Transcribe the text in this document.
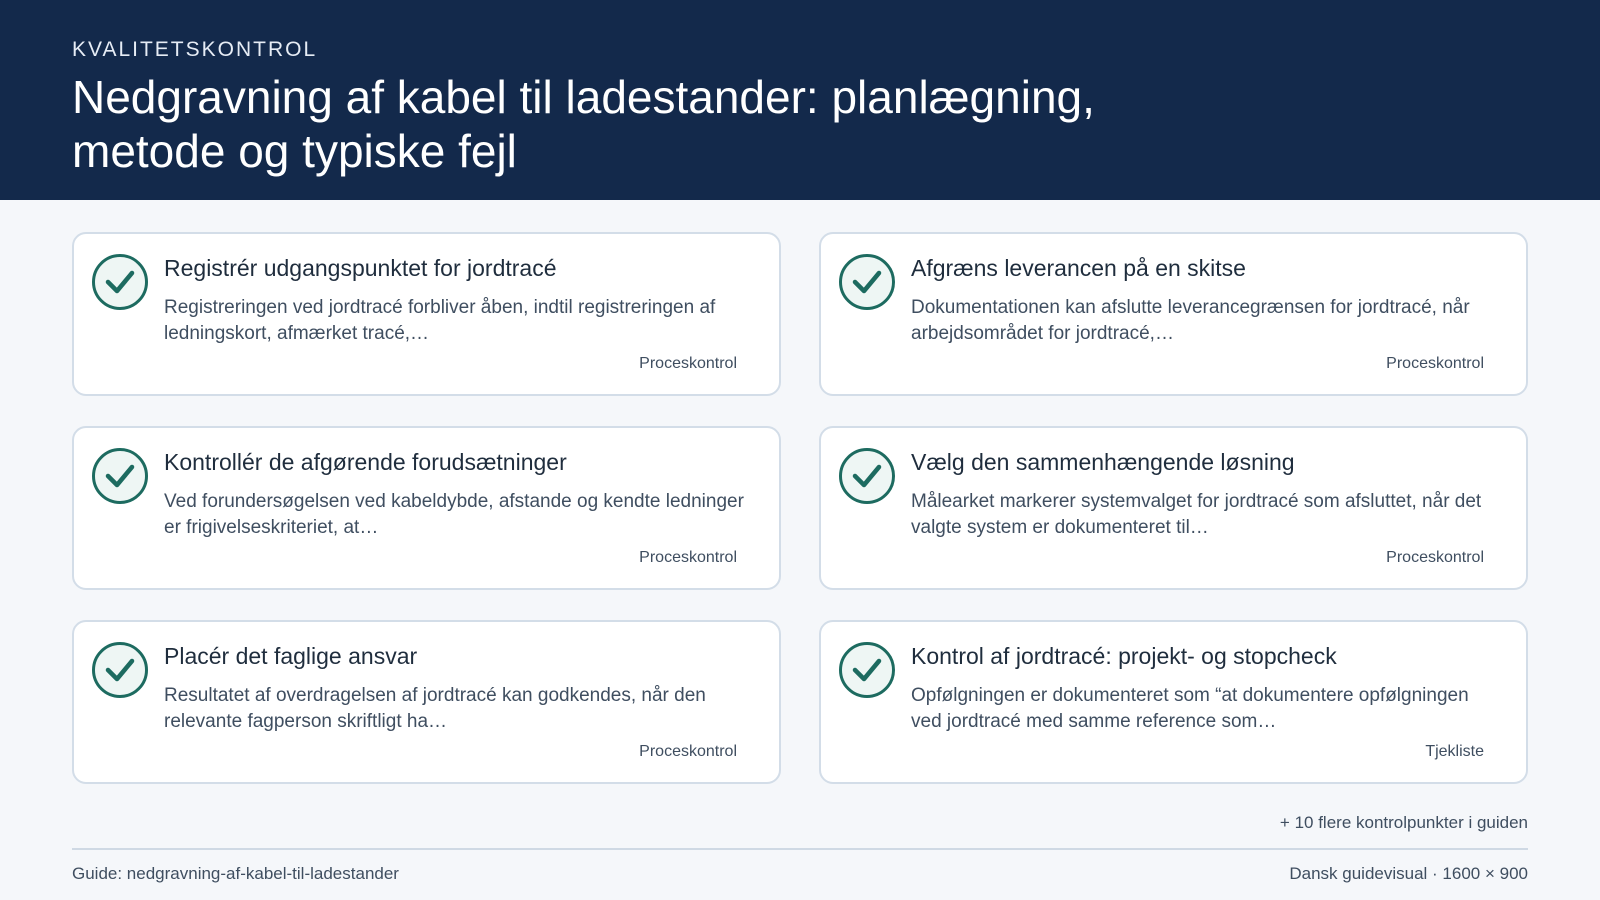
KVALITETSKONTROL
Nedgravning af kabel til ladestander: planlægning, metode og typiske fejl
Registrér udgangspunktet for jordtracé
Registreringen ved jordtracé forbliver åben, indtil registreringen af ledningskort, afmærket tracé,…
Proceskontrol
Afgræns leverancen på en skitse
Dokumentationen kan afslutte leverancegrænsen for jordtracé, når arbejdsområdet for jordtracé,…
Proceskontrol
Kontrollér de afgørende forudsætninger
Ved forundersøgelsen ved kabeldybde, afstande og kendte ledninger er frigivelseskriteriet, at…
Proceskontrol
Vælg den sammenhængende løsning
Målearket markerer systemvalget for jordtracé som afsluttet, når det valgte system er dokumenteret til…
Proceskontrol
Placér det faglige ansvar
Resultatet af overdragelsen af jordtracé kan godkendes, når den relevante fagperson skriftligt ha…
Proceskontrol
Kontrol af jordtracé: projekt- og stopcheck
Opfølgningen er dokumenteret som “at dokumentere opfølgningen ved jordtracé med samme reference som…
Tjekliste
+ 10 flere kontrolpunkter i guiden
Guide: nedgravning-af-kabel-til-ladestander	Dansk guidevisual · 1600 × 900
